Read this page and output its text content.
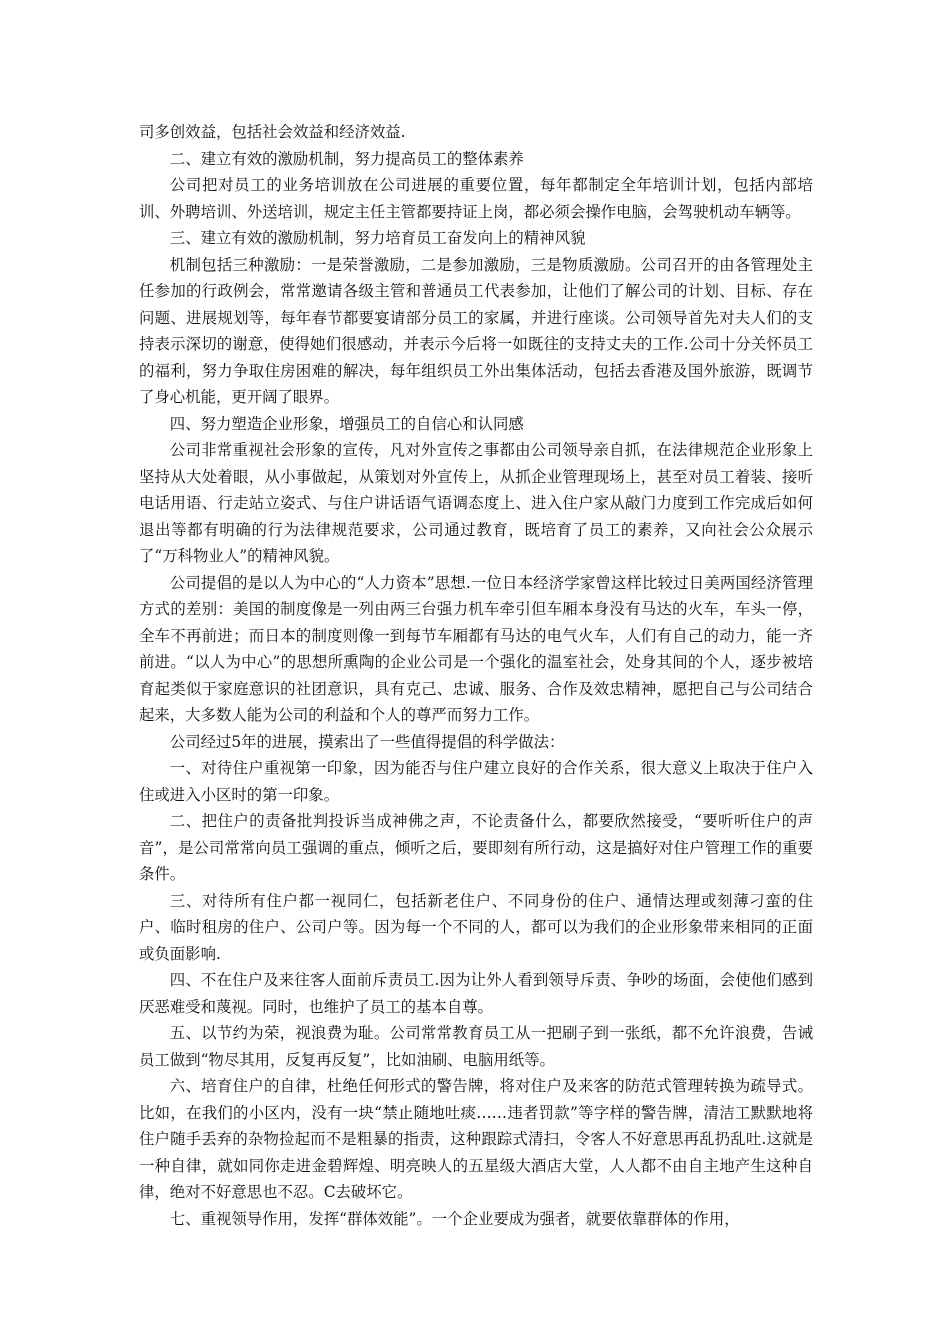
司多创效益，包括社会效益和经济效益.

二、建立有效的激励机制，努力提高员工的整体素养

公司把对员工的业务培训放在公司进展的重要位置，每年都制定全年培训计划，包括内部培训、外聘培训、外送培训，规定主任主管都要持证上岗，都必须会操作电脑，会驾驶机动车辆等。

三、建立有效的激励机制，努力培育员工奋发向上的精神风貌

机制包括三种激励：一是荣誉激励，二是参加激励，三是物质激励。公司召开的由各管理处主任参加的行政例会，常常邀请各级主管和普通员工代表参加，让他们了解公司的计划、目标、存在问题、进展规划等，每年春节都要宴请部分员工的家属，并进行座谈。公司领导首先对夫人们的支持表示深切的谢意，使得她们很感动，并表示今后将一如既往的支持丈夫的工作.公司十分关怀员工的福利，努力争取住房困难的解决，每年组织员工外出集体活动，包括去香港及国外旅游，既调节了身心机能，更开阔了眼界。

四、努力塑造企业形象，增强员工的自信心和认同感

公司非常重视社会形象的宣传，凡对外宣传之事都由公司领导亲自抓，在法律规范企业形象上坚持从大处着眼，从小事做起，从策划对外宣传上，从抓企业管理现场上，甚至对员工着装、接听电话用语、行走站立姿式、与住户讲话语气语调态度上、进入住户家从敲门力度到工作完成后如何退出等都有明确的行为法律规范要求，公司通过教育，既培育了员工的素养，又向社会公众展示了“万科物业人”的精神风貌。

公司提倡的是以人为中心的“人力资本”思想.一位日本经济学家曾这样比较过日美两国经济管理方式的差别：美国的制度像是一列由两三台强力机车牵引但车厢本身没有马达的火车，车头一停，全车不再前进；而日本的制度则像一到每节车厢都有马达的电气火车，人们有自己的动力，能一齐前进。“以人为中心”的思想所熏陶的企业公司是一个强化的温室社会，处身其间的个人，逐步被培育起类似于家庭意识的社团意识，具有克己、忠诚、服务、合作及效忠精神，愿把自己与公司结合起来，大多数人能为公司的利益和个人的尊严而努力工作。

公司经过5年的进展，摸索出了一些值得提倡的科学做法：

一、对待住户重视第一印象，因为能否与住户建立良好的合作关系，很大意义上取决于住户入住或进入小区时的第一印象。

二、把住户的责备批判投诉当成神佛之声，不论责备什么，都要欣然接受，“要听听住户的声音”，是公司常常向员工强调的重点，倾听之后，要即刻有所行动，这是搞好对住户管理工作的重要条件。

三、对待所有住户都一视同仁，包括新老住户、不同身份的住户、通情达理或刻薄刁蛮的住户、临时租房的住户、公司户等。因为每一个不同的人，都可以为我们的企业形象带来相同的正面或负面影响.

四、不在住户及来往客人面前斥责员工.因为让外人看到领导斥责、争吵的场面，会使他们感到厌恶难受和蔑视。同时，也维护了员工的基本自尊。

五、以节约为荣，视浪费为耻。公司常常教育员工从一把刷子到一张纸，都不允许浪费，告诫员工做到“物尽其用，反复再反复”，比如油刷、电脑用纸等。

六、培育住户的自律，杜绝任何形式的警告牌，将对住户及来客的防范式管理转换为疏导式。比如，在我们的小区内，没有一块“禁止随地吐痰……违者罚款”等字样的警告牌，清洁工默默地将住户随手丢弃的杂物捡起而不是粗暴的指责，这种跟踪式清扫，令客人不好意思再乱扔乱吐.这就是一种自律，就如同你走进金碧辉煌、明亮映人的五星级大酒店大堂，人人都不由自主地产生这种自律，绝对不好意思也不忍。C去破坏它。

七、重视领导作用，发挥“群体效能”。一个企业要成为强者，就要依靠群体的作用，
